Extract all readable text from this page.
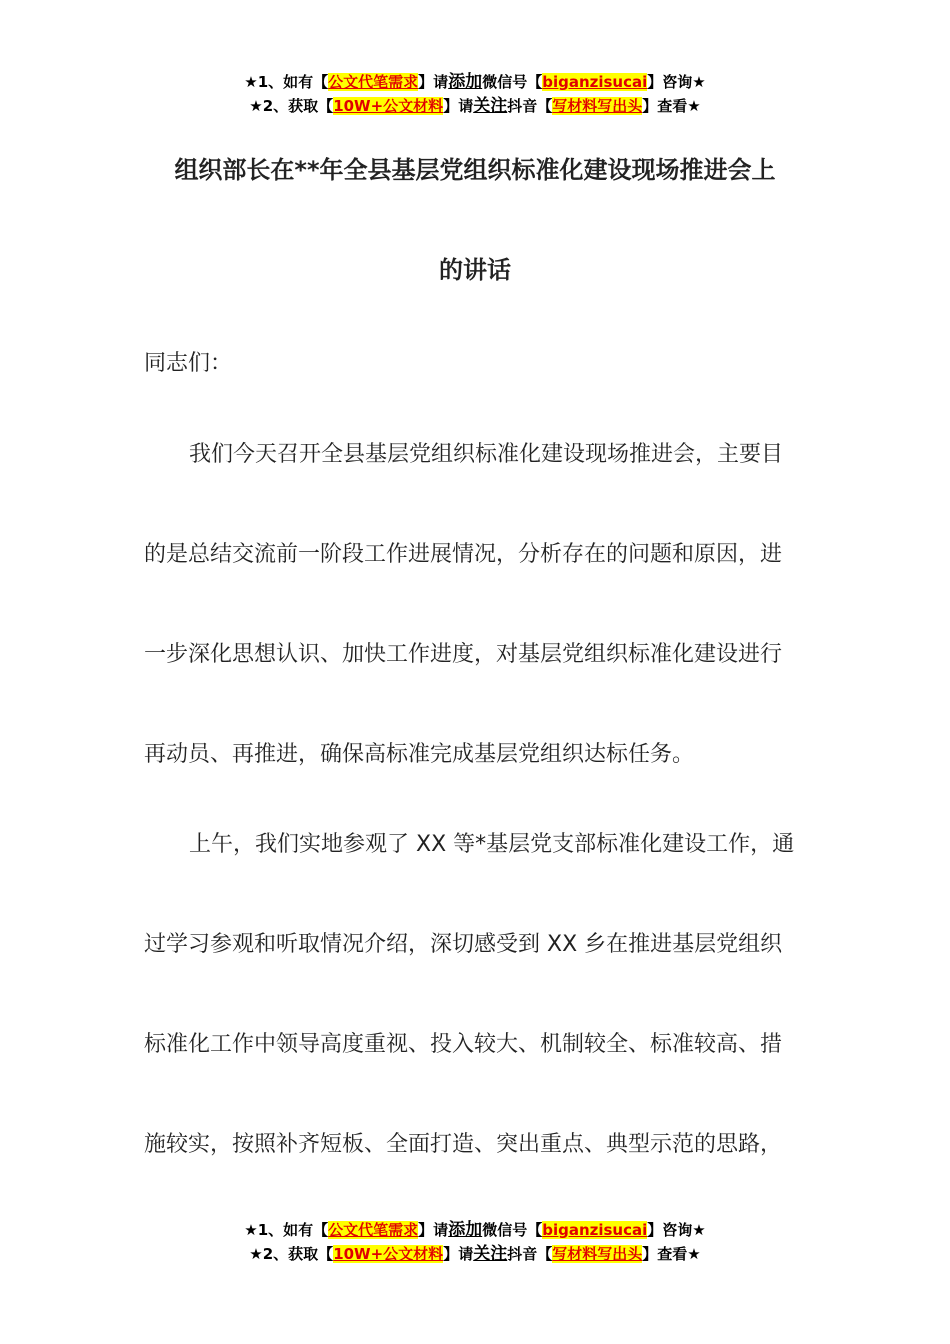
★1、如有【公文代笔需求】请添加微信号【biganzisucai】咨询★
★2、获取【10W+公文材料】请关注抖音【写材料写出头】查看★
组织部长在**年全县基层党组织标准化建设现场推进会上
的讲话
同志们：
我们今天召开全县基层党组织标准化建设现场推进会，主要目
的是总结交流前一阶段工作进展情况，分析存在的问题和原因，进
一步深化思想认识、加快工作进度，对基层党组织标准化建设进行
再动员、再推进，确保高标准完成基层党组织达标任务。
上午，我们实地参观了 XX 等*基层党支部标准化建设工作，通
过学习参观和听取情况介绍，深切感受到 XX 乡在推进基层党组织
标准化工作中领导高度重视、投入较大、机制较全、标准较高、措
施较实，按照补齐短板、全面打造、突出重点、典型示范的思路，
★1、如有【公文代笔需求】请添加微信号【biganzisucai】咨询★
★2、获取【10W+公文材料】请关注抖音【写材料写出头】查看★
